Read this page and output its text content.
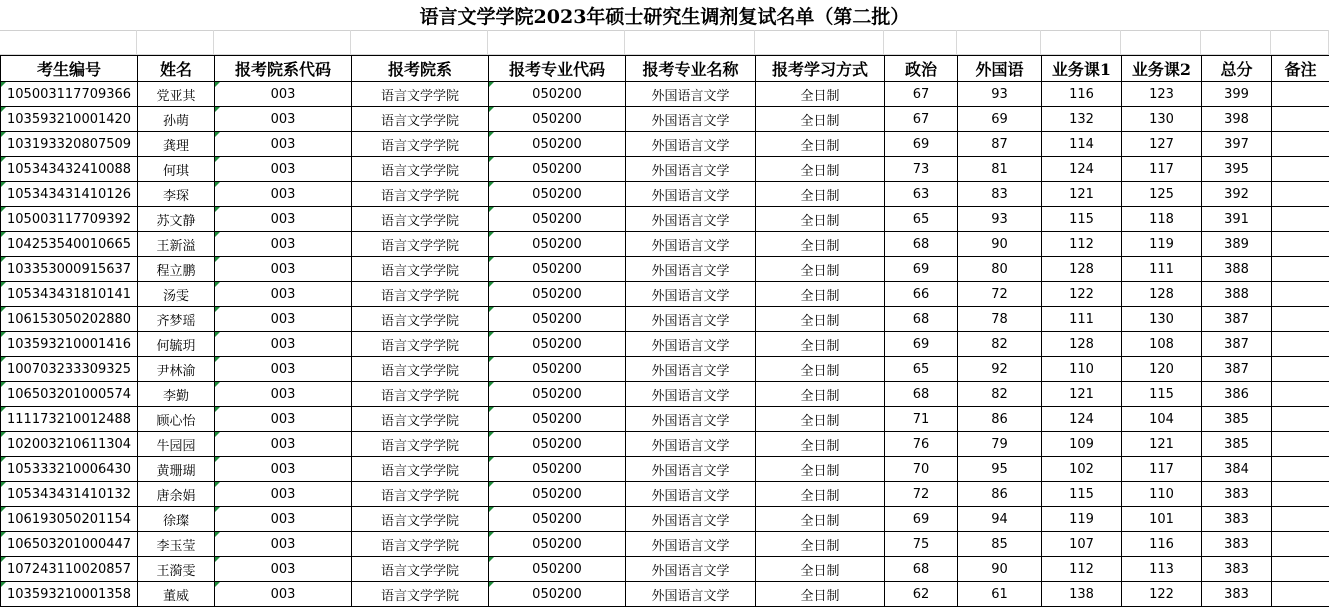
语言文学学院2023年硕士研究生调剂复试名单（第二批）
考生编号	姓名	报考院系代码	报考院系	报考专业代码	报考专业名称	报考学习方式	政治	外国语	业务课1	业务课2	总分	备注
105003117709366	党亚其	003	语言文学学院	050200	外国语言文学	全日制	67	93	116	123	399	
103593210001420	孙萌	003	语言文学学院	050200	外国语言文学	全日制	67	69	132	130	398	
103193320807509	龚理	003	语言文学学院	050200	外国语言文学	全日制	69	87	114	127	397	
105343432410088	何琪	003	语言文学学院	050200	外国语言文学	全日制	73	81	124	117	395	
105343431410126	李琛	003	语言文学学院	050200	外国语言文学	全日制	63	83	121	125	392	
105003117709392	苏文静	003	语言文学学院	050200	外国语言文学	全日制	65	93	115	118	391	
104253540010665	王新溢	003	语言文学学院	050200	外国语言文学	全日制	68	90	112	119	389	
103353000915637	程立鹏	003	语言文学学院	050200	外国语言文学	全日制	69	80	128	111	388	
105343431810141	汤雯	003	语言文学学院	050200	外国语言文学	全日制	66	72	122	128	388	
106153050202880	齐梦瑶	003	语言文学学院	050200	外国语言文学	全日制	68	78	111	130	387	
103593210001416	何毓玥	003	语言文学学院	050200	外国语言文学	全日制	69	82	128	108	387	
100703233309325	尹林渝	003	语言文学学院	050200	外国语言文学	全日制	65	92	110	120	387	
106503201000574	李勤	003	语言文学学院	050200	外国语言文学	全日制	68	82	121	115	386	
111173210012488	顾心怡	003	语言文学学院	050200	外国语言文学	全日制	71	86	124	104	385	
102003210611304	牛园园	003	语言文学学院	050200	外国语言文学	全日制	76	79	109	121	385	
105333210006430	黄珊瑚	003	语言文学学院	050200	外国语言文学	全日制	70	95	102	117	384	
105343431410132	唐余娟	003	语言文学学院	050200	外国语言文学	全日制	72	86	115	110	383	
106193050201154	徐璨	003	语言文学学院	050200	外国语言文学	全日制	69	94	119	101	383	
106503201000447	李玉莹	003	语言文学学院	050200	外国语言文学	全日制	75	85	107	116	383	
107243110020857	王漪雯	003	语言文学学院	050200	外国语言文学	全日制	68	90	112	113	383	
103593210001358	董威	003	语言文学学院	050200	外国语言文学	全日制	62	61	138	122	383	
